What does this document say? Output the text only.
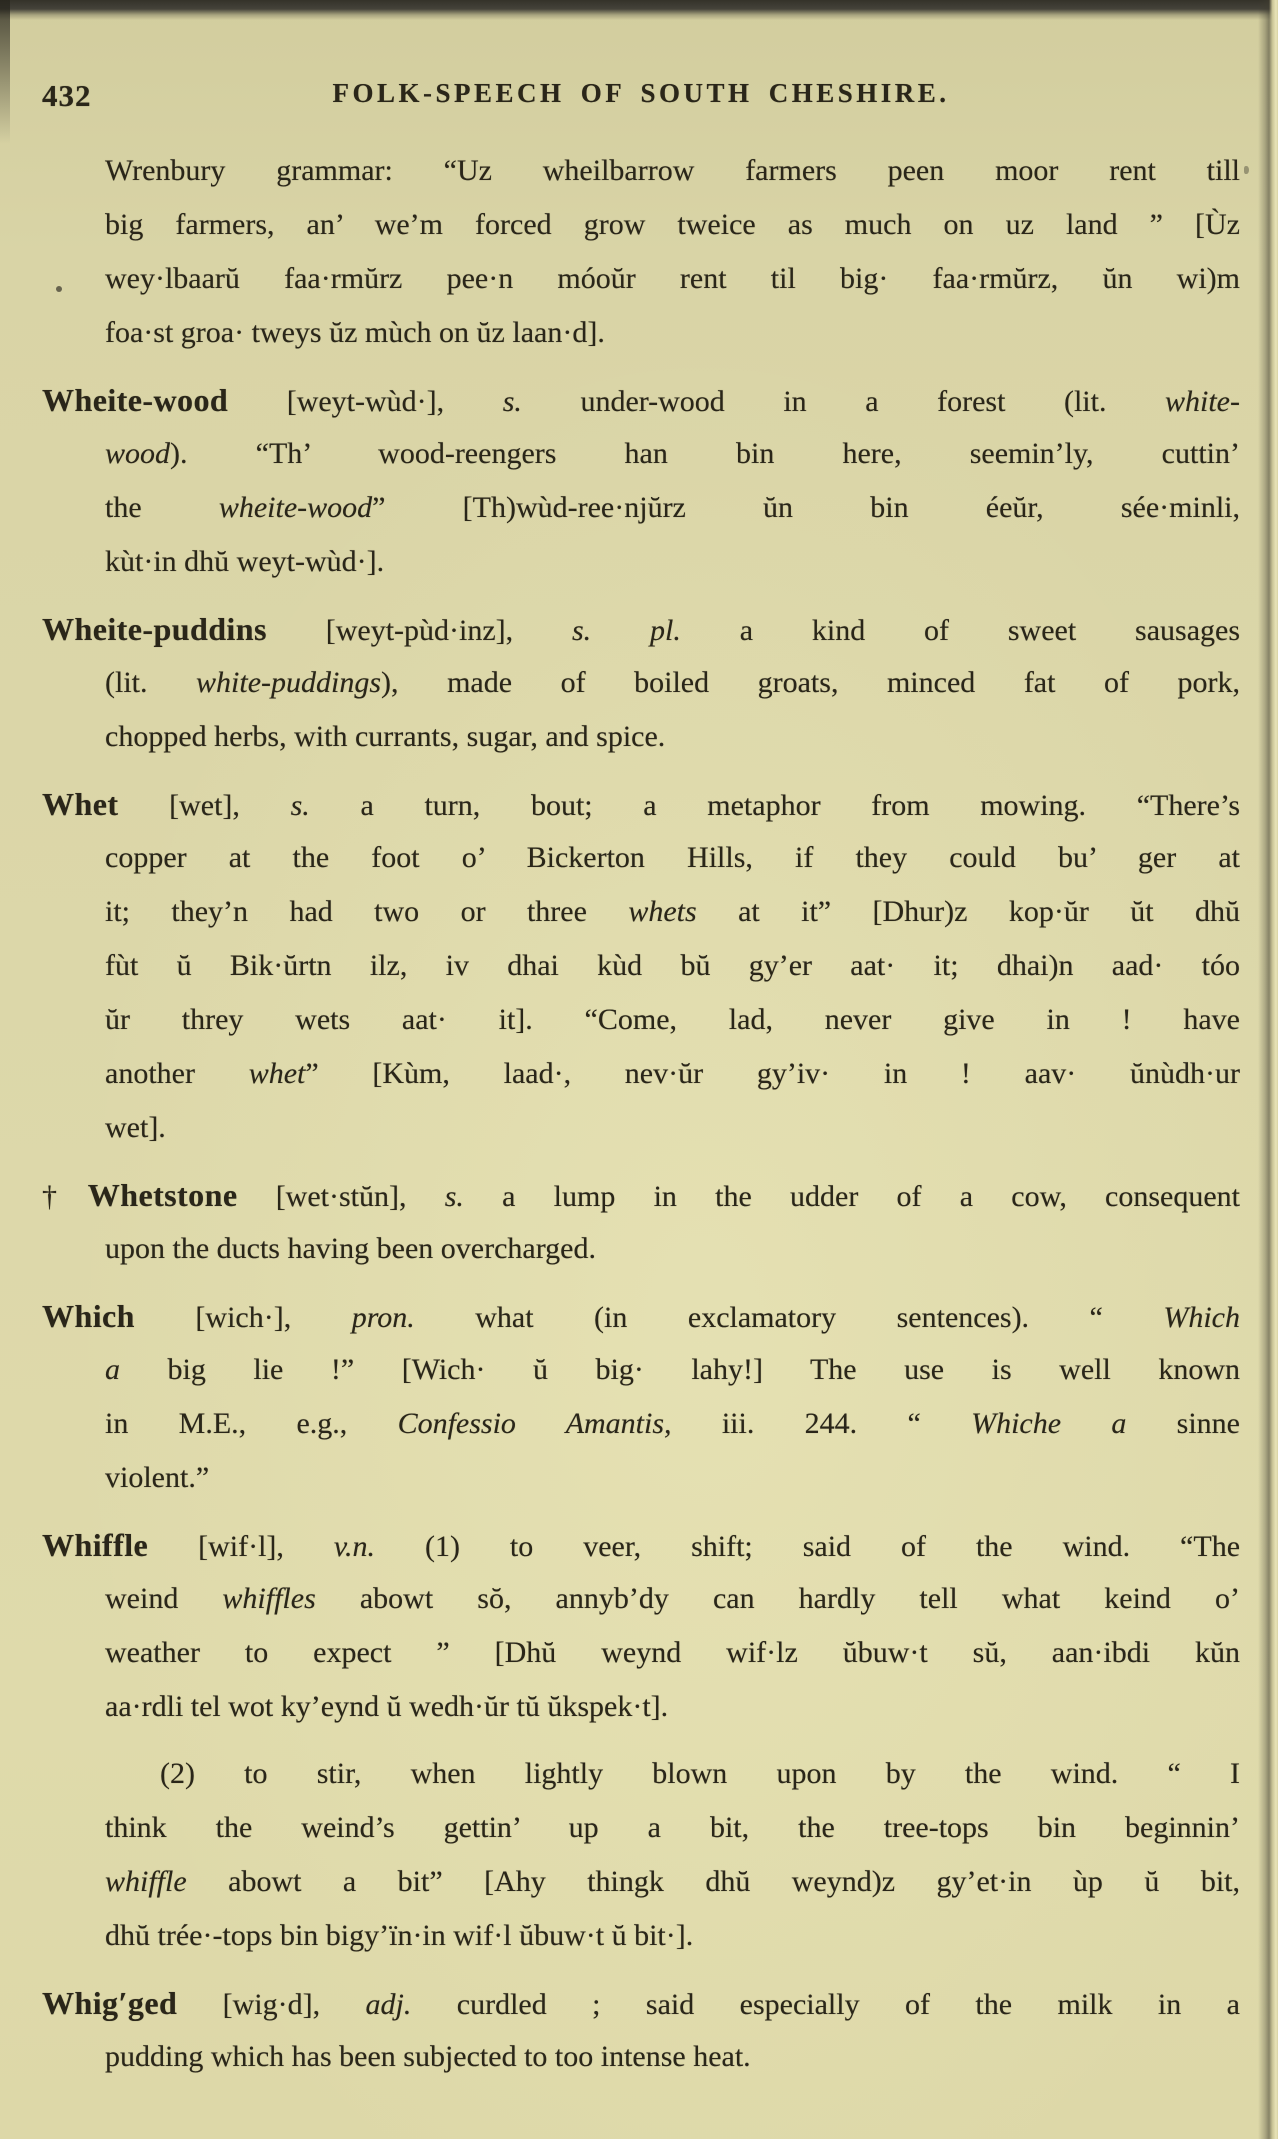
432	FOLK-SPEECH OF SOUTH CHESHIRE.
Wrenbury grammar: “Uz wheilbarrow farmers peen moor rent till
big farmers, an’ we’m forced grow tweice as much on uz land ” [Ùz
wey·lbaarŭ faa·rmŭrz pee·n móoŭr rent til big· faa·rmŭrz, ŭn wi)m
foa·st groa· tweys ŭz mùch on ŭz laan·d].
Wheite-wood [weyt-wùd·], s. under-wood in a forest (lit. white-
wood). “Th’ wood-reengers han bin here, seemin’ly, cuttin’
the wheite-wood” [Th)wùd-ree·njŭrz ŭn bin éeŭr, sée·minli,
kùt·in dhŭ weyt-wùd·].
Wheite-puddins [weyt-pùd·inz], s. pl. a kind of sweet sausages
(lit. white-puddings), made of boiled groats, minced fat of pork,
chopped herbs, with currants, sugar, and spice.
Whet [wet], s. a turn, bout; a metaphor from mowing. “There’s
copper at the foot o’ Bickerton Hills, if they could bu’ ger at
it; they’n had two or three whets at it” [Dhur)z kop·ŭr ŭt dhŭ
fùt ŭ Bik·ŭrtn ilz, iv dhai kùd bŭ gy’er aat· it; dhai)n aad· tóo
ŭr threy wets aat· it]. “Come, lad, never give in ! have
another whet” [Kùm, laad·, nev·ŭr gy’iv· in ! aav· ŭnùdh·ur
wet].
†Whetstone [wet·stŭn], s. a lump in the udder of a cow, consequent
upon the ducts having been overcharged.
Which [wich·], pron. what (in exclamatory sentences). “ Which
a big lie !” [Wich· ŭ big· lahy!] The use is well known
in M.E., e.g., Confessio Amantis, iii. 244. “ Whiche a sinne
violent.”
Whiffle [wif·l], v.n. (1) to veer, shift; said of the wind. “The
weind whiffles abowt sŏ, annyb’dy can hardly tell what keind o’
weather to expect ” [Dhŭ weynd wif·lz ŭbuw·t sŭ, aan·ibdi kŭn
aa·rdli tel wot ky’eynd ŭ wedh·ŭr tŭ ŭkspek·t].
(2) to stir, when lightly blown upon by the wind. “ I
think the weind’s gettin’ up a bit, the tree-tops bin beginnin’
whiffle abowt a bit” [Ahy thingk dhŭ weynd)z gy’et·in ùp ŭ bit,
dhŭ trée·-tops bin bigy’ïn·in wif·l ŭbuw·t ŭ bit·].
Whig′ged [wig·d], adj. curdled ; said especially of the milk in a
pudding which has been subjected to too intense heat.
